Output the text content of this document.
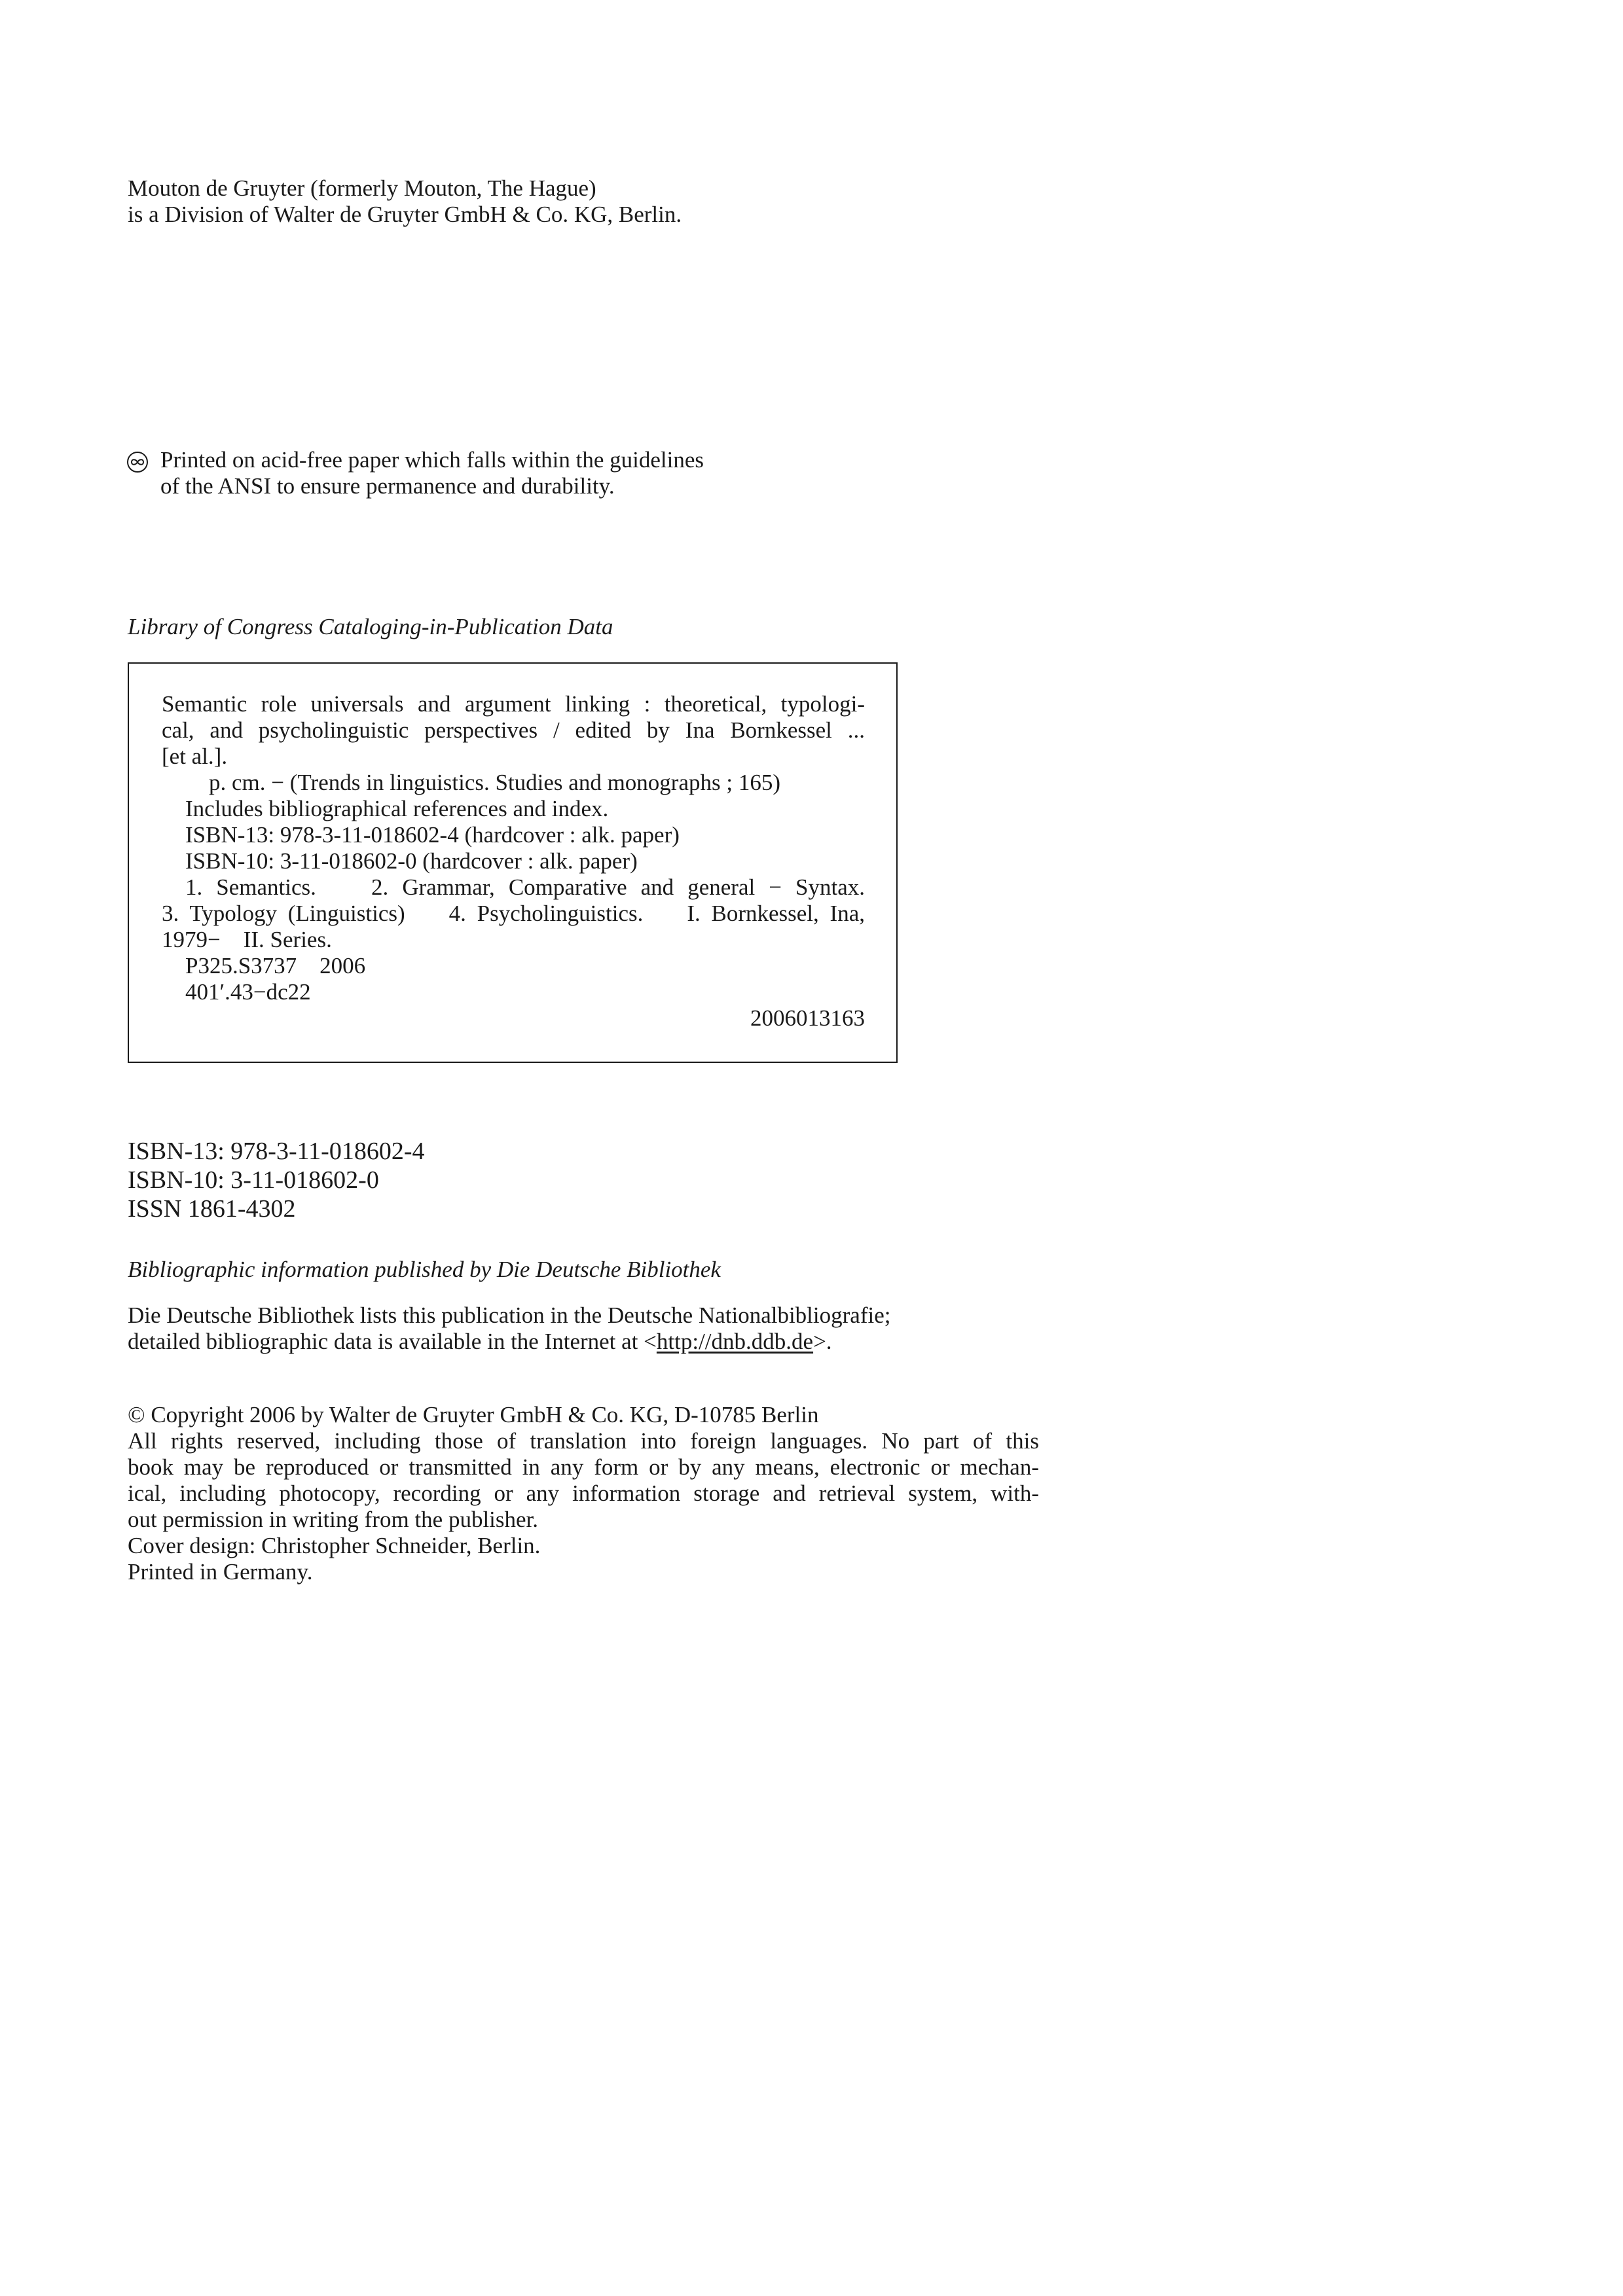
Mouton de Gruyter (formerly Mouton, The Hague)
is a Division of Walter de Gruyter GmbH & Co. KG, Berlin.
Printed on acid-free paper which falls within the guidelines
of the ANSI to ensure permanence and durability.
Library of Congress Cataloging-in-Publication Data
Semantic role universals and argument linking : theoretical, typologi-
cal, and psycholinguistic perspectives / edited by Ina Bornkessel ...
[et al.].
p. cm. − (Trends in linguistics. Studies and monographs ; 165)
Includes bibliographical references and index.
ISBN-13: 978-3-11-018602-4 (hardcover : alk. paper)
ISBN-10: 3-11-018602-0 (hardcover : alk. paper)
1. Semantics.    2. Grammar, Comparative and general − Syntax.
3. Typology (Linguistics)    4. Psycholinguistics.    I. Bornkessel, Ina,
1979−    II. Series.
P325.S3737    2006
401′.43−dc22
2006013163
ISBN-13: 978-3-11-018602-4
ISBN-10: 3-11-018602-0
ISSN 1861-4302
Bibliographic information published by Die Deutsche Bibliothek
Die Deutsche Bibliothek lists this publication in the Deutsche Nationalbibliografie;
detailed bibliographic data is available in the Internet at <http://dnb.ddb.de>.
© Copyright 2006 by Walter de Gruyter GmbH & Co. KG, D-10785 Berlin
All rights reserved, including those of translation into foreign languages. No part of this
book may be reproduced or transmitted in any form or by any means, electronic or mechan-
ical, including photocopy, recording or any information storage and retrieval system, with-
out permission in writing from the publisher.
Cover design: Christopher Schneider, Berlin.
Printed in Germany.
